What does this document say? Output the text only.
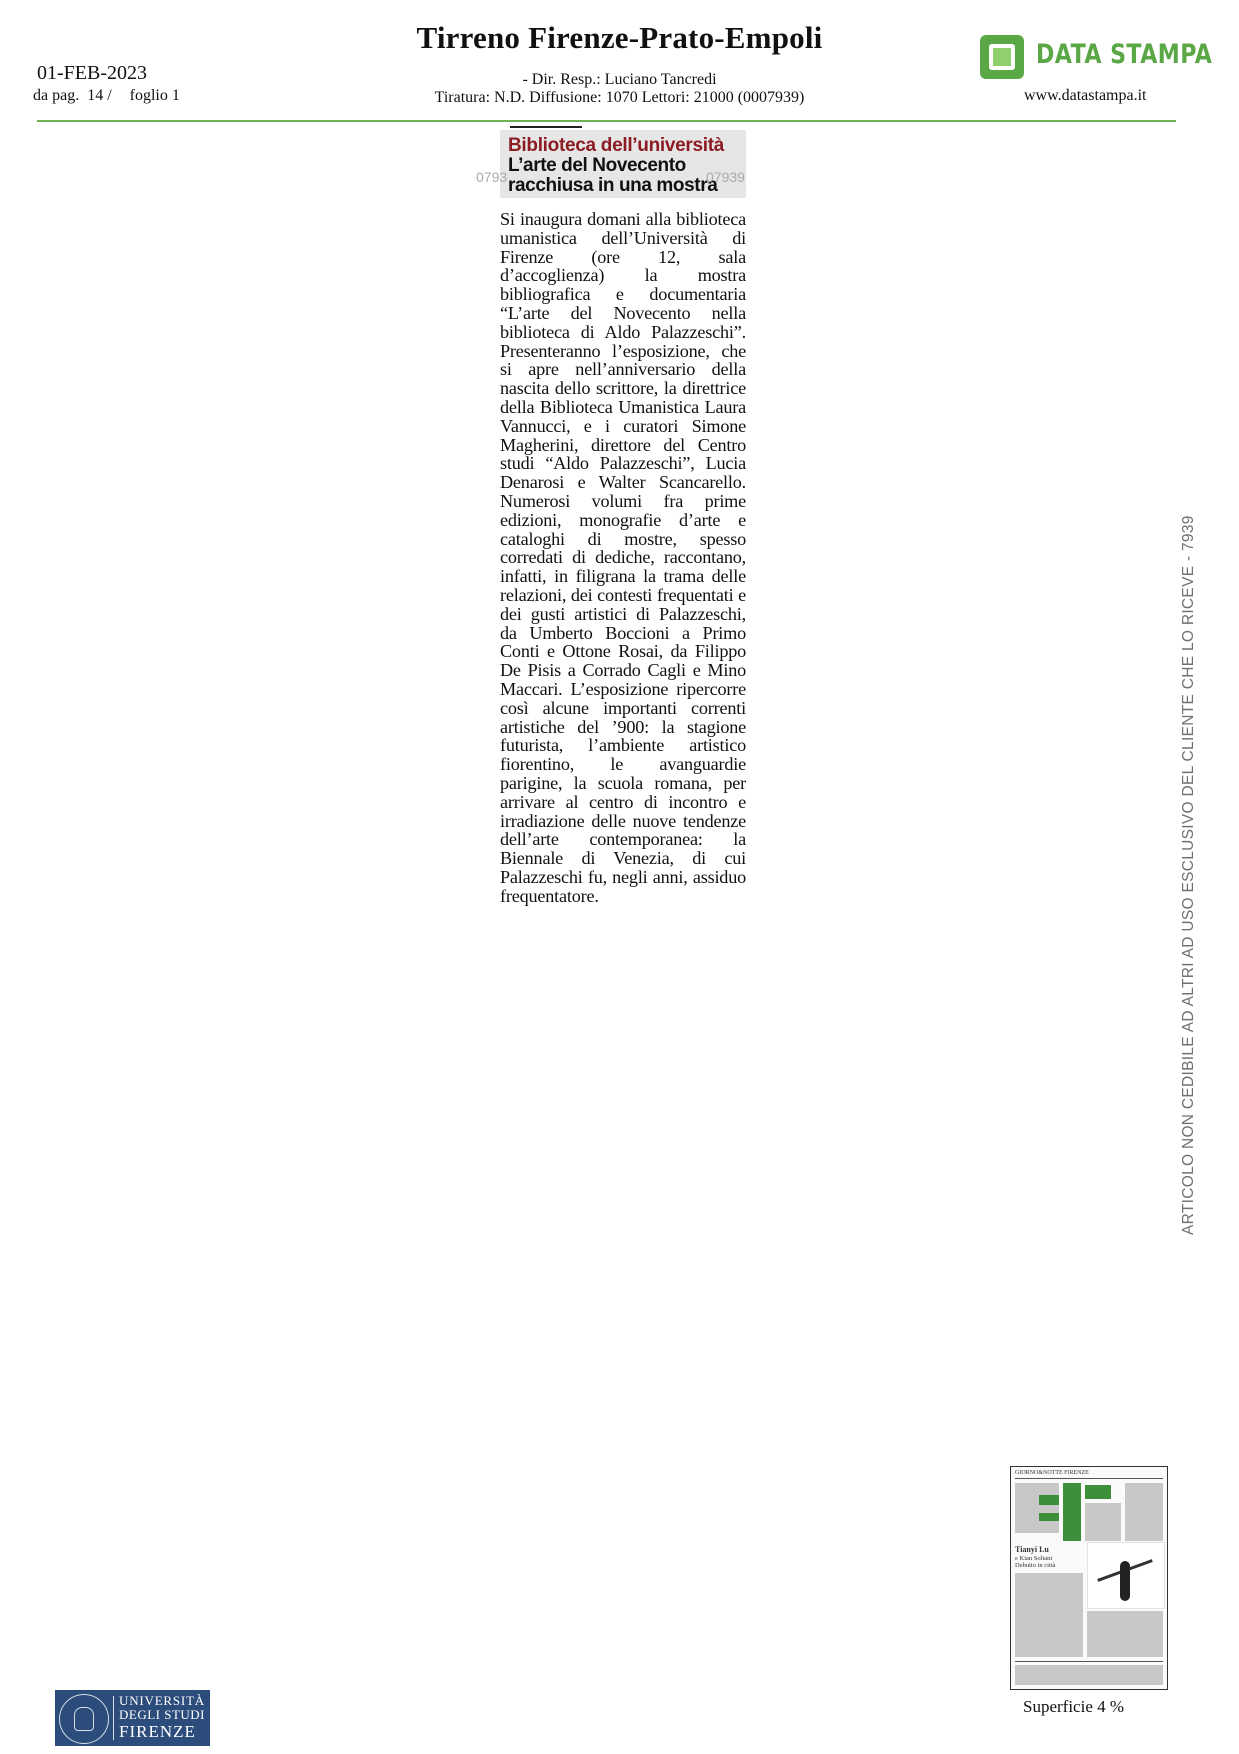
01-FEB-2023
da pag. 14 / foglio 1
Tirreno Firenze-Prato-Empoli
- Dir. Resp.: Luciano Tancredi
Tiratura: N.D. Diffusione: 1070 Lettori: 21000 (0007939)
DATA STAMPA
www.datastampa.it
Biblioteca dell’università
L’arte del Novecento
racchiusa in una mostra
0793	07939
Si inaugura domani alla biblioteca umanistica dell’Università di Firenze (ore 12, sala d’accoglienza) la mostra bibliografica e documentaria “L’arte del Novecento nella biblioteca di Aldo Palazzeschi”. Presenteranno l’esposizione, che si apre nell’anniversario della nascita dello scrittore, la direttrice della Biblioteca Umanistica Laura Vannucci, e i curatori Simone Magherini, direttore del Centro studi “Aldo Palazzeschi”, Lucia Denarosi e Walter Scancarello. Numerosi volumi fra prime edizioni, monografie d’arte e cataloghi di mostre, spesso corredati di dediche, raccontano, infatti, in filigrana la trama delle relazioni, dei contesti frequentati e dei gusti artistici di Palazzeschi, da Umberto Boccioni a Primo Conti e Ottone Rosai, da Filippo De Pisis a Corrado Cagli e Mino Maccari. L’esposizione ripercorre così alcune importanti correnti artistiche del ’900: la stagione futurista, l’ambiente artistico fiorentino, le avanguardie parigine, la scuola romana, per arrivare al centro di incontro e irradiazione delle nuove tendenze dell’arte contemporanea: la Biennale di Venezia, di cui Palazzeschi fu, negli anni, assiduo frequentatore.	ARTICOLO NON CEDIBILE AD ALTRI AD USO ESCLUSIVO DEL CLIENTE CHE LO RICEVE - 7939
GIORNO&NOTTE FIRENZE
Tianyi Lu
e Kian Soltani
Debutto in città
Superficie 4 %
UNIVERSITÀ
DEGLI STUDI
FIRENZE
